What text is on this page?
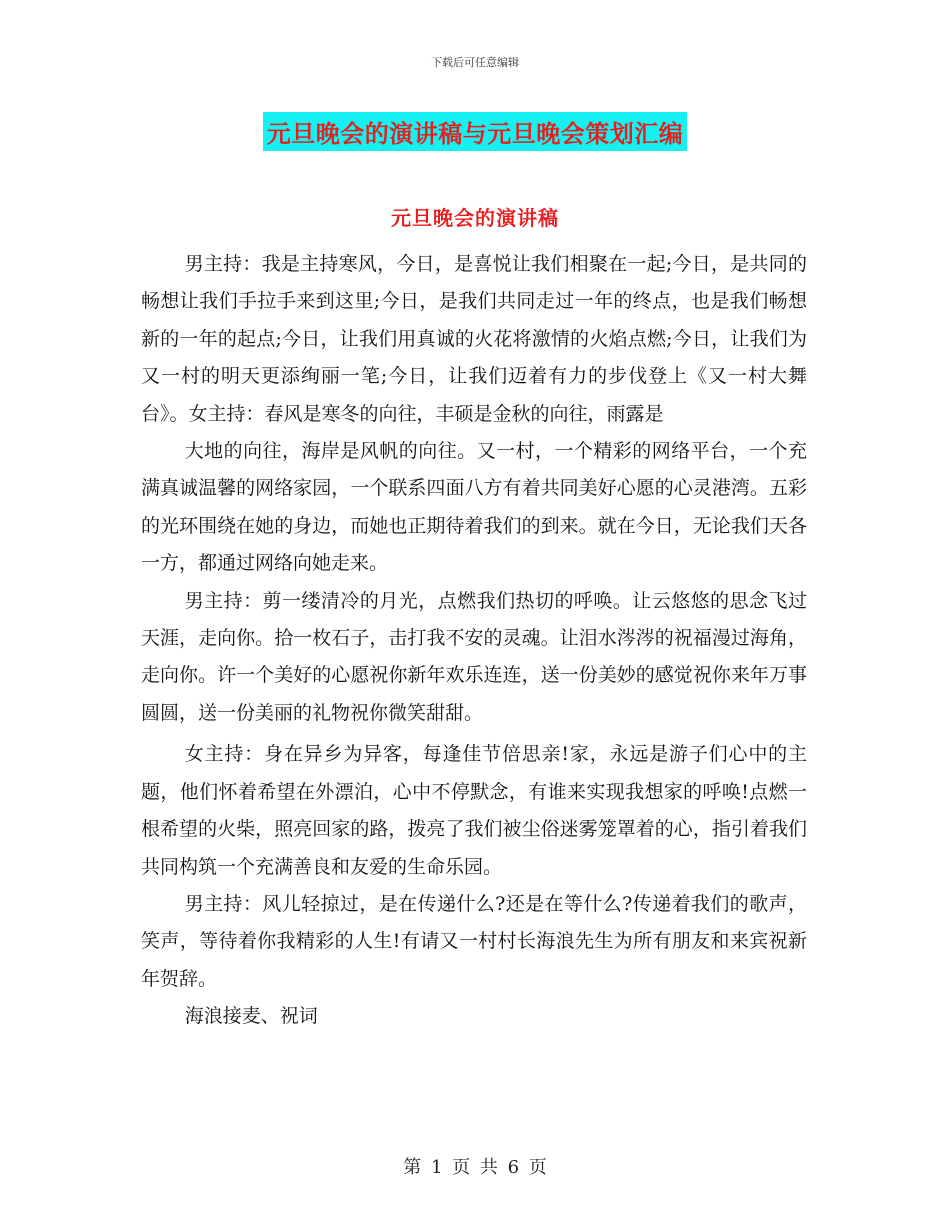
下载后可任意编辑
元旦晚会的演讲稿与元旦晚会策划汇编
元旦晚会的演讲稿

男主持：我是主持寒风，今日，是喜悦让我们相聚在一起;今日，是共同的畅想让我们手拉手来到这里;今日，是我们共同走过一年的终点，也是我们畅想新的一年的起点;今日，让我们用真诚的火花将激情的火焰点燃;今日，让我们为又一村的明天更添绚丽一笔;今日，让我们迈着有力的步伐登上《又一村大舞台》。女主持：春风是寒冬的向往，丰硕是金秋的向往，雨露是

大地的向往，海岸是风帆的向往。又一村，一个精彩的网络平台，一个充满真诚温馨的网络家园，一个联系四面八方有着共同美好心愿的心灵港湾。五彩的光环围绕在她的身边，而她也正期待着我们的到来。就在今日，无论我们天各一方，都通过网络向她走来。

男主持：剪一缕清冷的月光，点燃我们热切的呼唤。让云悠悠的思念飞过天涯，走向你。拾一枚石子，击打我不安的灵魂。让泪水涔涔的祝福漫过海角，走向你。许一个美好的心愿祝你新年欢乐连连，送一份美妙的感觉祝你来年万事圆圆，送一份美丽的礼物祝你微笑甜甜。

女主持：身在异乡为异客，每逢佳节倍思亲!家，永远是游子们心中的主题，他们怀着希望在外漂泊，心中不停默念，有谁来实现我想家的呼唤!点燃一根希望的火柴，照亮回家的路，拨亮了我们被尘俗迷雾笼罩着的心，指引着我们共同构筑一个充满善良和友爱的生命乐园。

男主持：风儿轻掠过，是在传递什么?还是在等什么?传递着我们的歌声，笑声，等待着你我精彩的人生!有请又一村村长海浪先生为所有朋友和来宾祝新年贺辞。

海浪接麦、祝词

第 1 页 共 6 页
